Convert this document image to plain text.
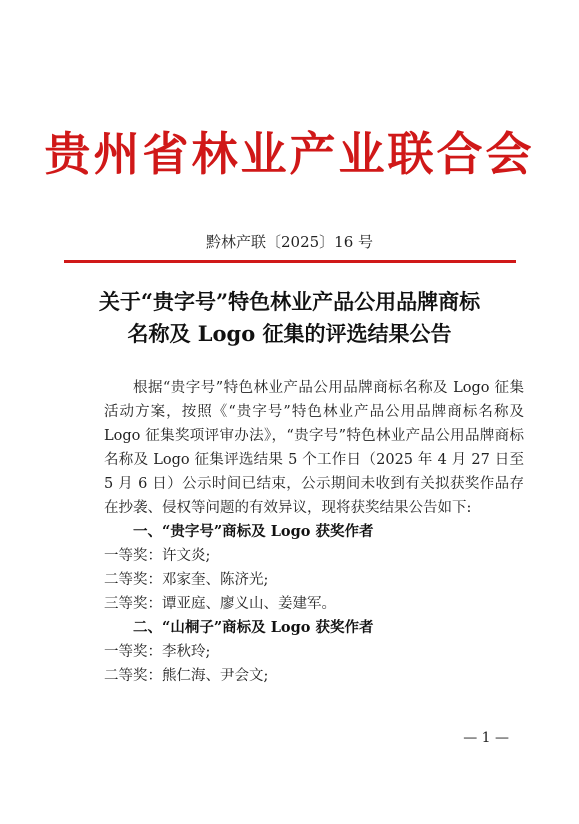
贵州省林业产业联合会
黔林产联〔2025〕16 号
关于“贵字号”特色林业产品公用品牌商标
名称及 Logo 征集的评选结果公告

根据“贵字号”特色林业产品公用品牌商标名称及 Logo 征集活动方案，按照《“贵字号”特色林业产品公用品牌商标名称及 Logo 征集奖项评审办法》，“贵字号”特色林业产品公用品牌商标名称及 Logo 征集评选结果 5 个工作日（2025 年 4 月 27 日至 5 月 6 日）公示时间已结束，公示期间未收到有关拟获奖作品存在抄袭、侵权等问题的有效异议，现将获奖结果公告如下:

一、“贵字号”商标及 Logo 获奖作者
一等奖：许文炎;
二等奖：邓家奎、陈济光;
三等奖：谭亚庭、廖义山、姜建军。
二、“山桐子”商标及 Logo 获奖作者
一等奖：李秋玲;
二等奖：熊仁海、尹会文;
— 1 —
